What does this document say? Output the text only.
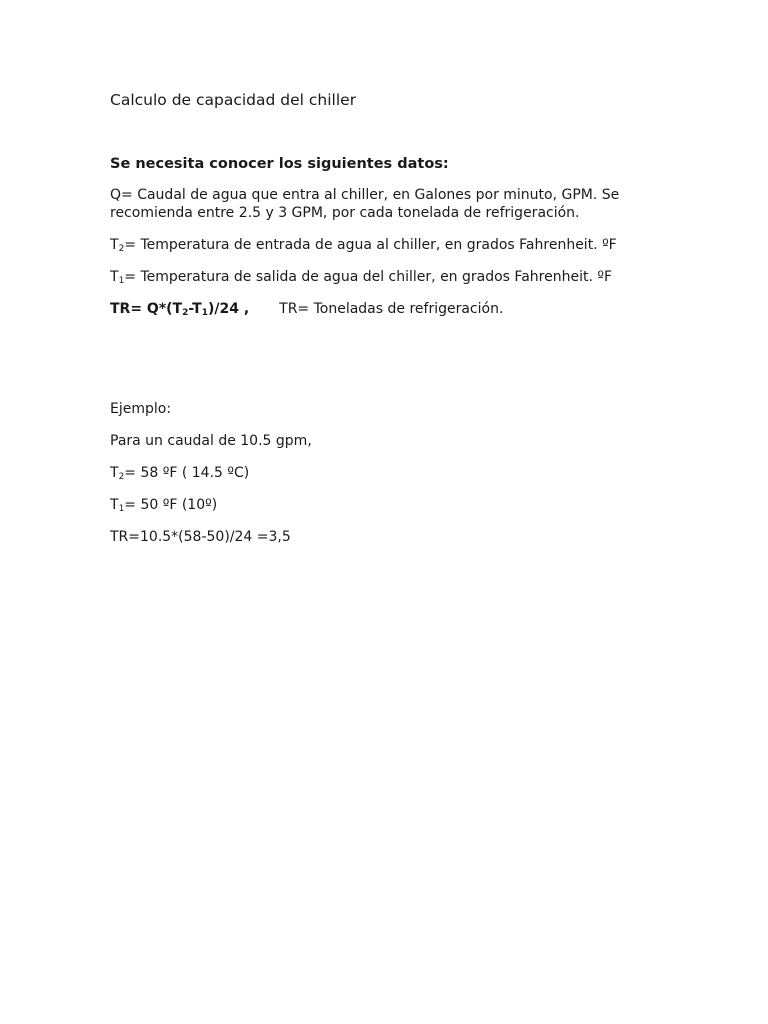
Calculo de capacidad del chiller

Se necesita conocer los siguientes datos:

Q= Caudal de agua que entra al chiller, en Galones por minuto, GPM. Se recomienda entre 2.5 y 3 GPM, por cada tonelada de refrigeración.

$T_2=$ Temperatura de entrada de agua al chiller, en grados Fahrenheit. ºF

$T_1=$ Temperatura de salida de agua del chiller, en grados Fahrenheit. ºF

$TR= Q*(T_2-T_1)/24$ , TR= Toneladas de refrigeración.

Ejemplo:

Para un caudal de 10.5 gpm,

$T_2= 58$ ºF ( 14.5 ºC)

$T_1= 50$ ºF (10º)

TR=10.5*(58-50)/24 =3,5
